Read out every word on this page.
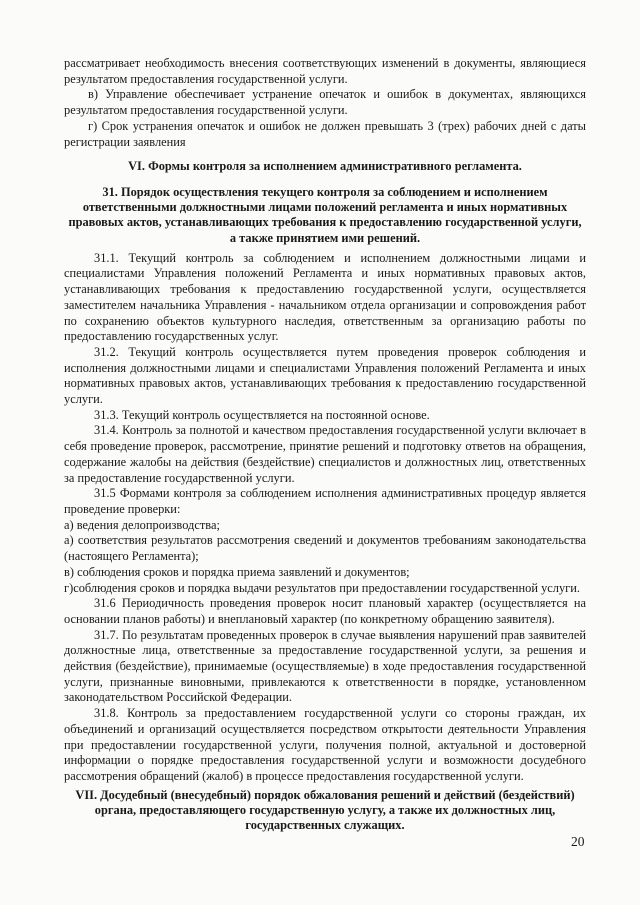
рассматривает необходимость внесения соответствующих изменений в документы, являющиеся результатом предоставления государственной услуги.

в) Управление обеспечивает устранение опечаток и ошибок в документах, являющихся результатом предоставления государственной услуги.

г) Срок устранения опечаток и ошибок не должен превышать 3 (трех) рабочих дней с даты регистрации заявления

VI. Формы контроля за исполнением административного регламента.

31. Порядок осуществления текущего контроля за соблюдением и исполнением ответственными должностными лицами положений регламента и иных нормативных правовых актов, устанавливающих требования к предоставлению государственной услуги, а также принятием ими решений.

31.1. Текущий контроль за соблюдением и исполнением должностными лицами и специалистами Управления положений Регламента и иных нормативных правовых актов, устанавливающих требования к предоставлению государственной услуги, осуществляется заместителем начальника Управления - начальником отдела организации и сопровождения работ по сохранению объектов культурного наследия, ответственным за организацию работы по предоставлению государственных услуг.

31.2. Текущий контроль осуществляется путем проведения проверок соблюдения и исполнения должностными лицами и специалистами Управления положений Регламента и иных нормативных правовых актов, устанавливающих требования к предоставлению государственной услуги.

31.3. Текущий контроль осуществляется на постоянной основе.

31.4. Контроль за полнотой и качеством предоставления государственной услуги включает в себя проведение проверок, рассмотрение, принятие решений и подготовку ответов на обращения, содержание жалобы на действия (бездействие) специалистов и должностных лиц, ответственных за предоставление государственной услуги.

31.5 Формами контроля за соблюдением исполнения административных процедур является проведение проверки:

а) ведения делопроизводства;

а) соответствия результатов рассмотрения сведений и документов требованиям законодательства (настоящего Регламента);

в) соблюдения сроков и порядка приема заявлений и документов;

г)соблюдения сроков и порядка выдачи результатов при предоставлении государственной услуги.

31.6 Периодичность проведения проверок носит плановый характер (осуществляется на основании планов работы) и внеплановый характер (по конкретному обращению заявителя).

31.7. По результатам проведенных проверок в случае выявления нарушений прав заявителей должностные лица, ответственные за предоставление государственной услуги, за решения и действия (бездействие), принимаемые (осуществляемые) в ходе предоставления государственной услуги, признанные виновными, привлекаются к ответственности в порядке, установленном законодательством Российской Федерации.

31.8. Контроль за предоставлением государственной услуги со стороны граждан, их объединений и организаций осуществляется посредством открытости деятельности Управления при предоставлении государственной услуги, получения полной, актуальной и достоверной информации о порядке предоставления государственной услуги и возможности досудебного рассмотрения обращений (жалоб) в процессе предоставления государственной услуги.

VII. Досудебный (внесудебный) порядок обжалования решений и действий (бездействий) органа, предоставляющего государственную услугу, а также их должностных лиц, государственных служащих.

20
